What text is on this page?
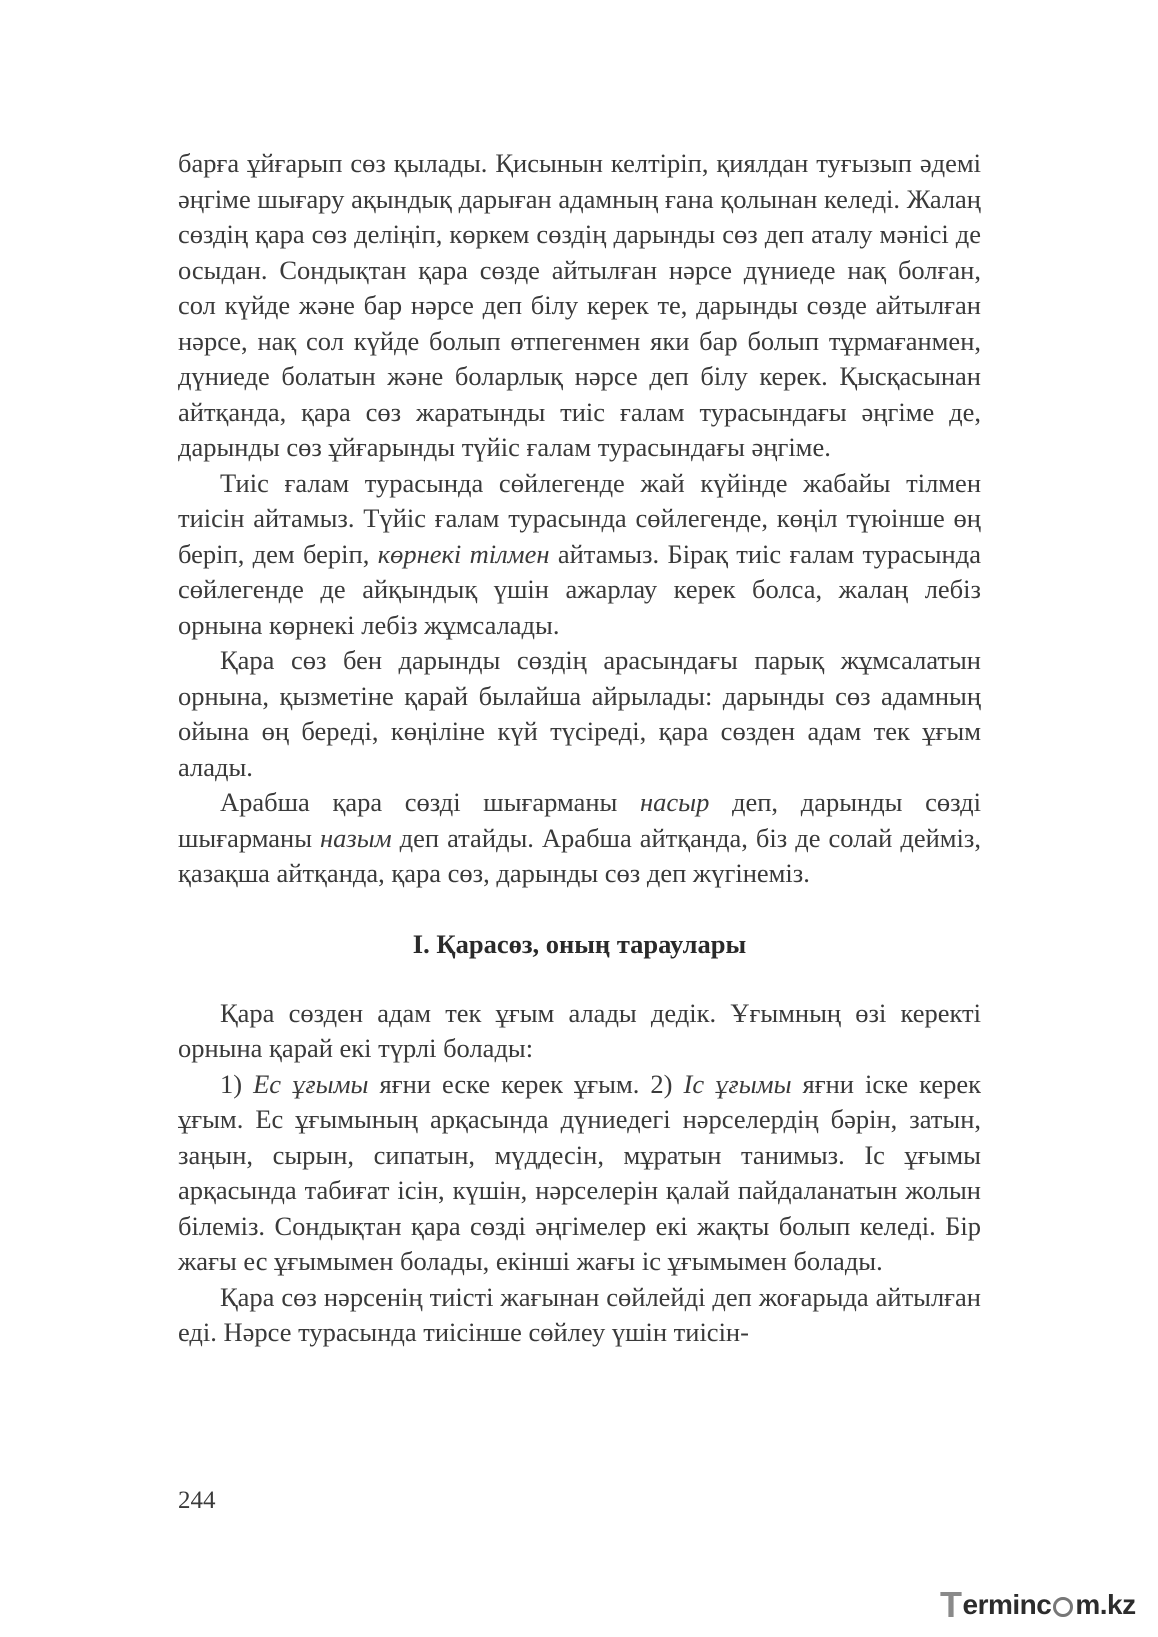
барға ұйғарып сөз қылады. Қисынын келтіріп, қиялдан туғызып әдемі әңгіме шығару ақындық дарыған адамның ғана қолынан келеді. Жалаң сөздің қара сөз деліңіп, көркем сөздің дарынды сөз деп аталу мәнісі де осыдан. Сондықтан қара сөзде айтылған нәрсе дүниеде нақ болған, сол күйде және бар нәрсе деп білу керек те, дарынды сөзде айтылған нәрсе, нақ сол күйде болып өтпегенмен яки бар болып тұрмағанмен, дүниеде болатын және боларлық нәрсе деп білу керек. Қысқасынан айтқанда, қара сөз жаратынды тиіс ғалам турасындағы әңгіме де, дарынды сөз ұйғарынды түйіс ғалам турасындағы әңгіме.

Тиіс ғалам турасында сөйлегенде жай күйінде жабайы тілмен тиісін айтамыз. Түйіс ғалам турасында сөйлегенде, көңіл түюінше өң беріп, дем беріп, көрнекі тілмен айтамыз. Бірақ тиіс ғалам турасында сөйлегенде де айқындық үшін ажарлау керек болса, жалаң лебіз орнына көрнекі лебіз жұмсалады.

Қара сөз бен дарынды сөздің арасындағы парық жұмсалатын орнына, қызметіне қарай былайша айрылады: дарынды сөз адамның ойына өң береді, көңіліне күй түсіреді, қара сөзден адам тек ұғым алады.

Арабша қара сөзді шығарманы насыр деп, дарынды сөзді шығарманы назым деп атайды. Арабша айтқанда, біз де солай дейміз, қазақша айтқанда, қара сөз, дарынды сөз деп жүгінеміз.

I. Қарасөз, оның тараулары

Қара сөзден адам тек ұғым алады дедік. Ұғымның өзі керекті орнына қарай екі түрлі болады:

1) Ес ұғымы яғни еске керек ұғым. 2) Іс ұғымы яғни іске керек ұғым. Ес ұғымының арқасында дүниедегі нәрселердің бәрін, затын, заңын, сырын, сипатын, мүддесін, мұратын танимыз. Іс ұғымы арқасында табиғат ісін, күшін, нәрселерін қалай пайдаланатын жолын білеміз. Сондықтан қара сөзді әңгімелер екі жақты болып келеді. Бір жағы ес ұғымымен болады, екінші жағы іс ұғымымен болады.

Қара сөз нәрсенің тиісті жағынан сөйлейді деп жоғарыда айтылған еді. Нәрсе турасында тиісінше сөйлеу үшін тиісін-

244
T erminc m.kz
